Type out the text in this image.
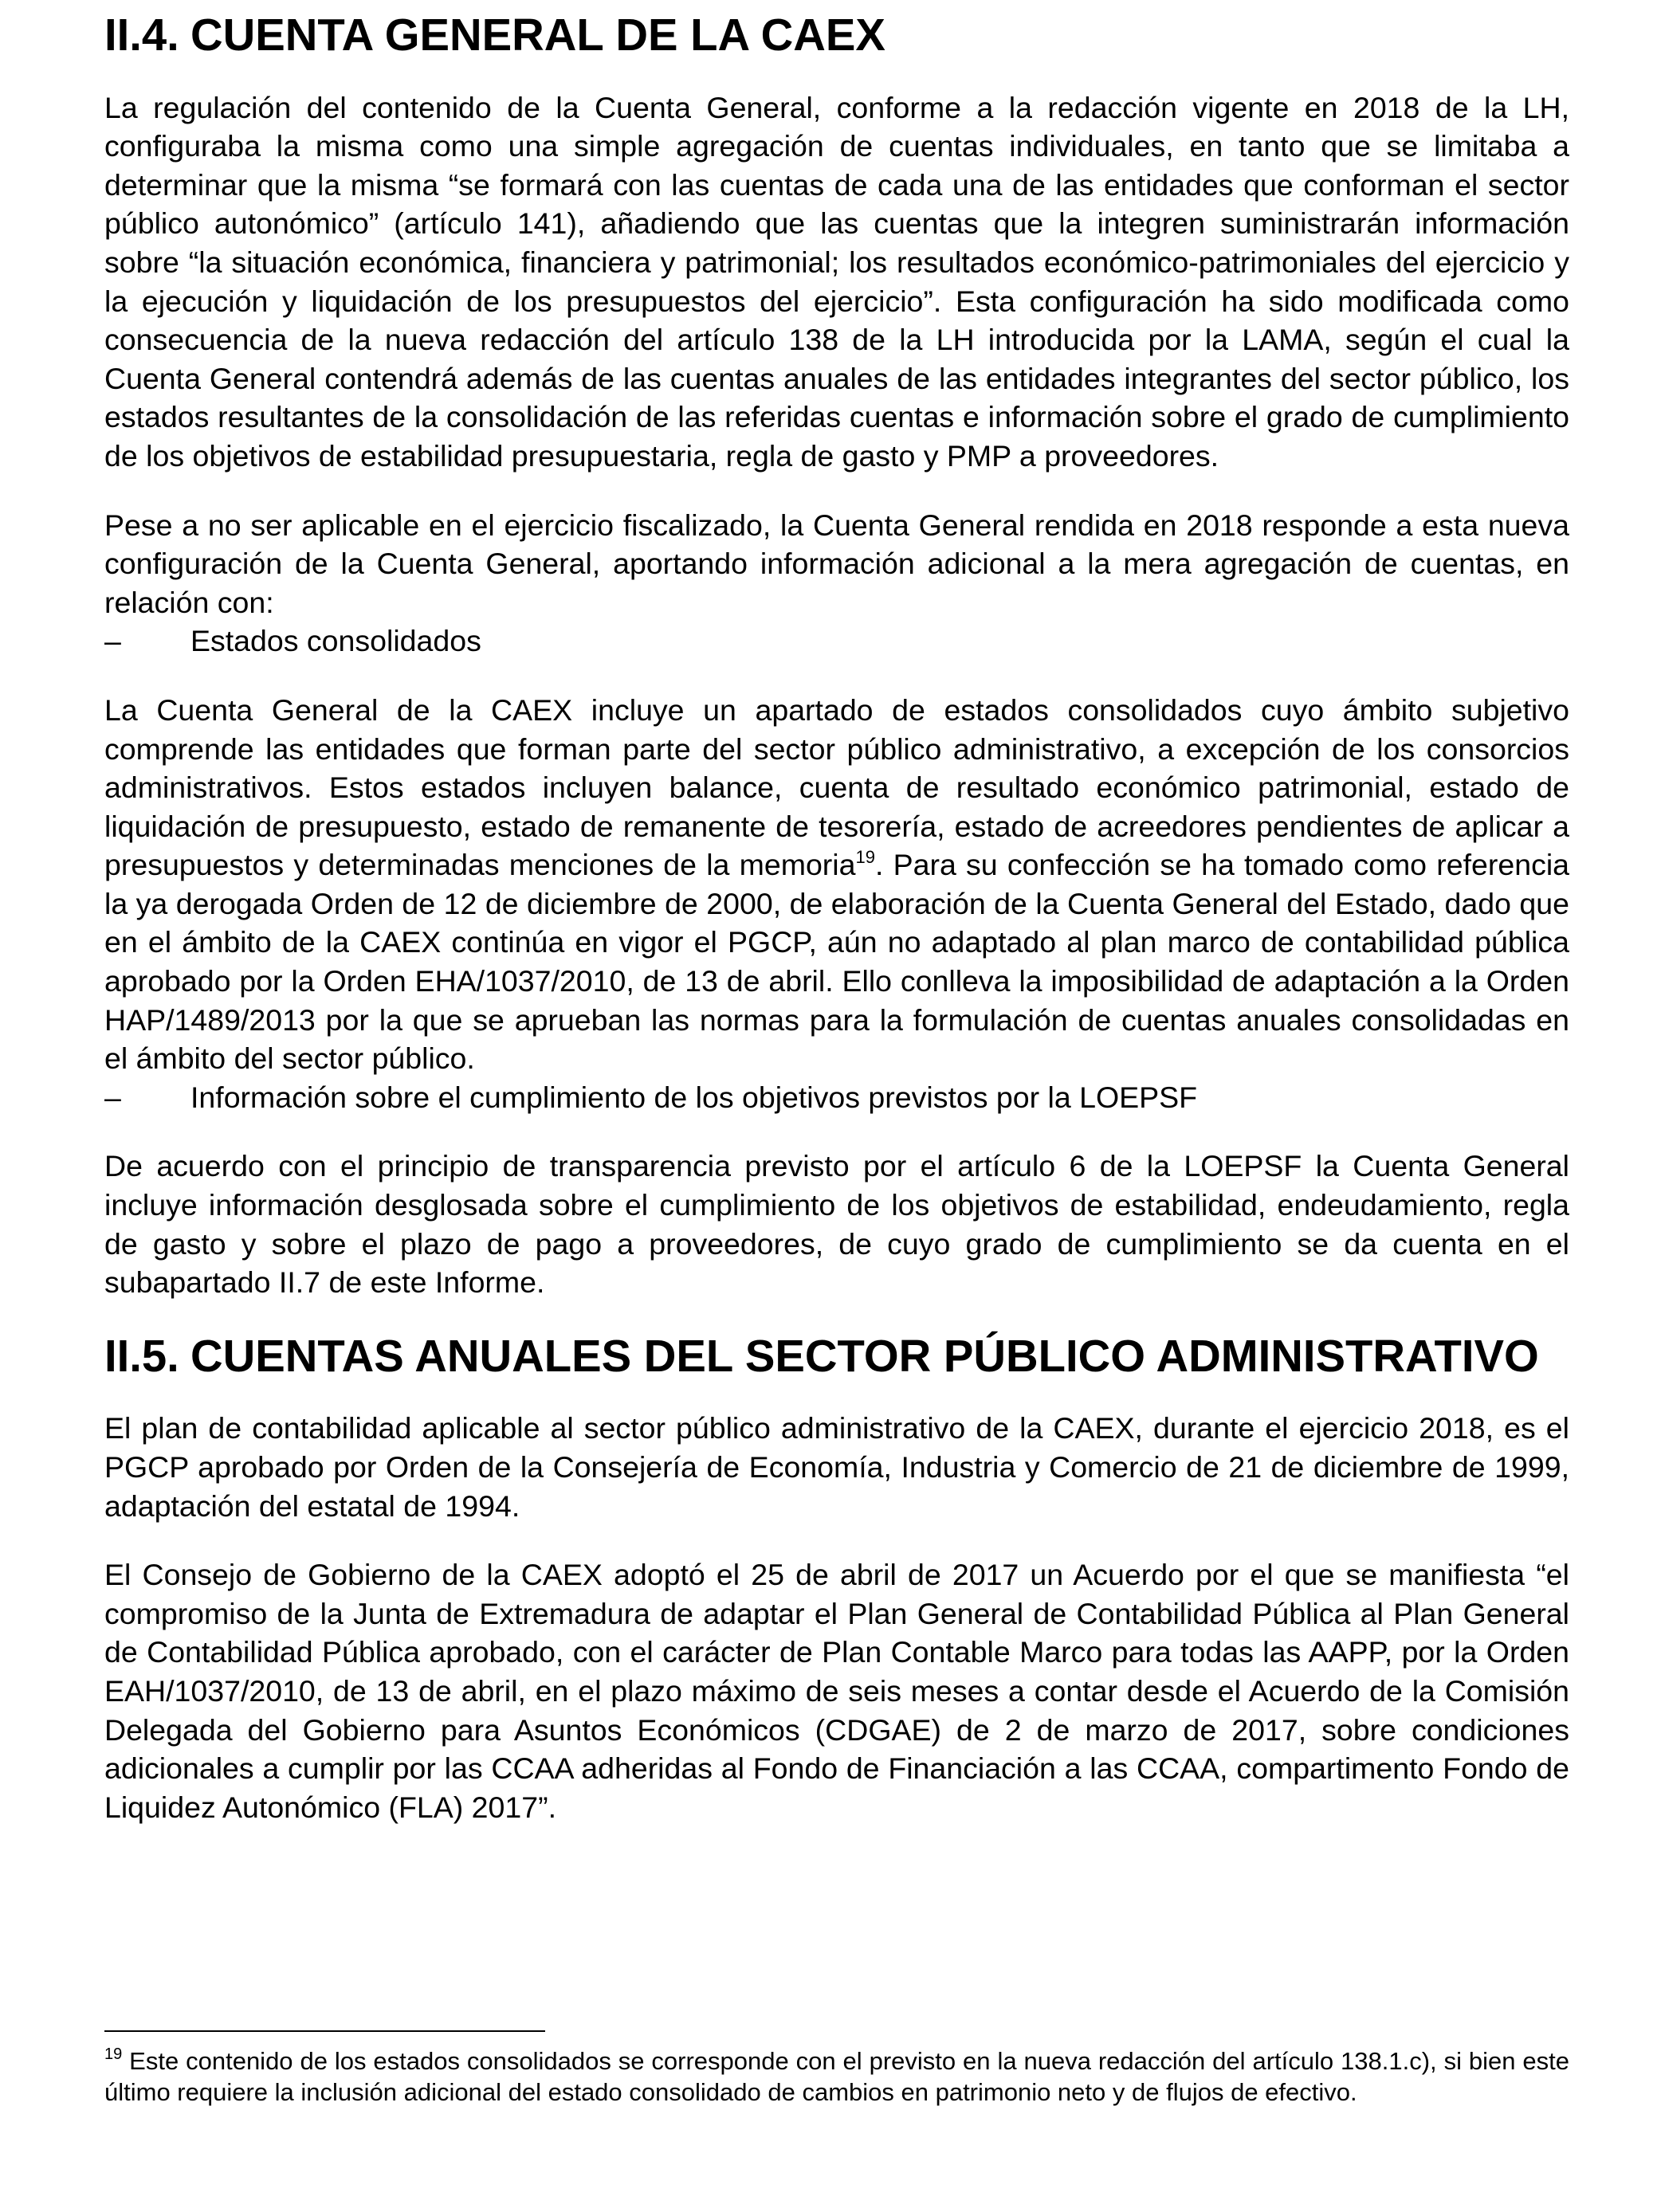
II.4. CUENTA GENERAL DE LA CAEX

La regulación del contenido de la Cuenta General, conforme a la redacción vigente en 2018 de la LH, configuraba la misma como una simple agregación de cuentas individuales, en tanto que se limitaba a determinar que la misma “se formará con las cuentas de cada una de las entidades que conforman el sector público autonómico” (artículo 141), añadiendo que las cuentas que la integren suministrarán información sobre “la situación económica, financiera y patrimonial; los resultados económico-patrimoniales del ejercicio y la ejecución y liquidación de los presupuestos del ejercicio”. Esta configuración ha sido modificada como consecuencia de la nueva redacción del artículo 138 de la LH introducida por la LAMA, según el cual la Cuenta General contendrá además de las cuentas anuales de las entidades integrantes del sector público, los estados resultantes de la consolidación de las referidas cuentas e información sobre el grado de cumplimiento de los objetivos de estabilidad presupuestaria, regla de gasto y PMP a proveedores.

Pese a no ser aplicable en el ejercicio fiscalizado, la Cuenta General rendida en 2018 responde a esta nueva configuración de la Cuenta General, aportando información adicional a la mera agregación de cuentas, en relación con:

–	Estados consolidados

La Cuenta General de la CAEX incluye un apartado de estados consolidados cuyo ámbito subjetivo comprende las entidades que forman parte del sector público administrativo, a excepción de los consorcios administrativos. Estos estados incluyen balance, cuenta de resultado económico patrimonial, estado de liquidación de presupuesto, estado de remanente de tesorería, estado de acreedores pendientes de aplicar a presupuestos y determinadas menciones de la memoria$^{19}$. Para su confección se ha tomado como referencia la ya derogada Orden de 12 de diciembre de 2000, de elaboración de la Cuenta General del Estado, dado que en el ámbito de la CAEX continúa en vigor el PGCP, aún no adaptado al plan marco de contabilidad pública aprobado por la Orden EHA/1037/2010, de 13 de abril. Ello conlleva la imposibilidad de adaptación a la Orden HAP/1489/2013 por la que se aprueban las normas para la formulación de cuentas anuales consolidadas en el ámbito del sector público.

–	Información sobre el cumplimiento de los objetivos previstos por la LOEPSF

De acuerdo con el principio de transparencia previsto por el artículo 6 de la LOEPSF la Cuenta General incluye información desglosada sobre el cumplimiento de los objetivos de estabilidad, endeudamiento, regla de gasto y sobre el plazo de pago a proveedores, de cuyo grado de cumplimiento se da cuenta en el subapartado II.7 de este Informe.

II.5. CUENTAS ANUALES DEL SECTOR PÚBLICO ADMINISTRATIVO

El plan de contabilidad aplicable al sector público administrativo de la CAEX, durante el ejercicio 2018, es el PGCP aprobado por Orden de la Consejería de Economía, Industria y Comercio de 21 de diciembre de 1999, adaptación del estatal de 1994.

El Consejo de Gobierno de la CAEX adoptó el 25 de abril de 2017 un Acuerdo por el que se manifiesta “el compromiso de la Junta de Extremadura de adaptar el Plan General de Contabilidad Pública al Plan General de Contabilidad Pública aprobado, con el carácter de Plan Contable Marco para todas las AAPP, por la Orden EAH/1037/2010, de 13 de abril, en el plazo máximo de seis meses a contar desde el Acuerdo de la Comisión Delegada del Gobierno para Asuntos Económicos (CDGAE) de 2 de marzo de 2017, sobre condiciones adicionales a cumplir por las CCAA adheridas al Fondo de Financiación a las CCAA, compartimento Fondo de Liquidez Autonómico (FLA) 2017”.

$^{19}$ Este contenido de los estados consolidados se corresponde con el previsto en la nueva redacción del artículo 138.1.c), si bien este último requiere la inclusión adicional del estado consolidado de cambios en patrimonio neto y de flujos de efectivo.
